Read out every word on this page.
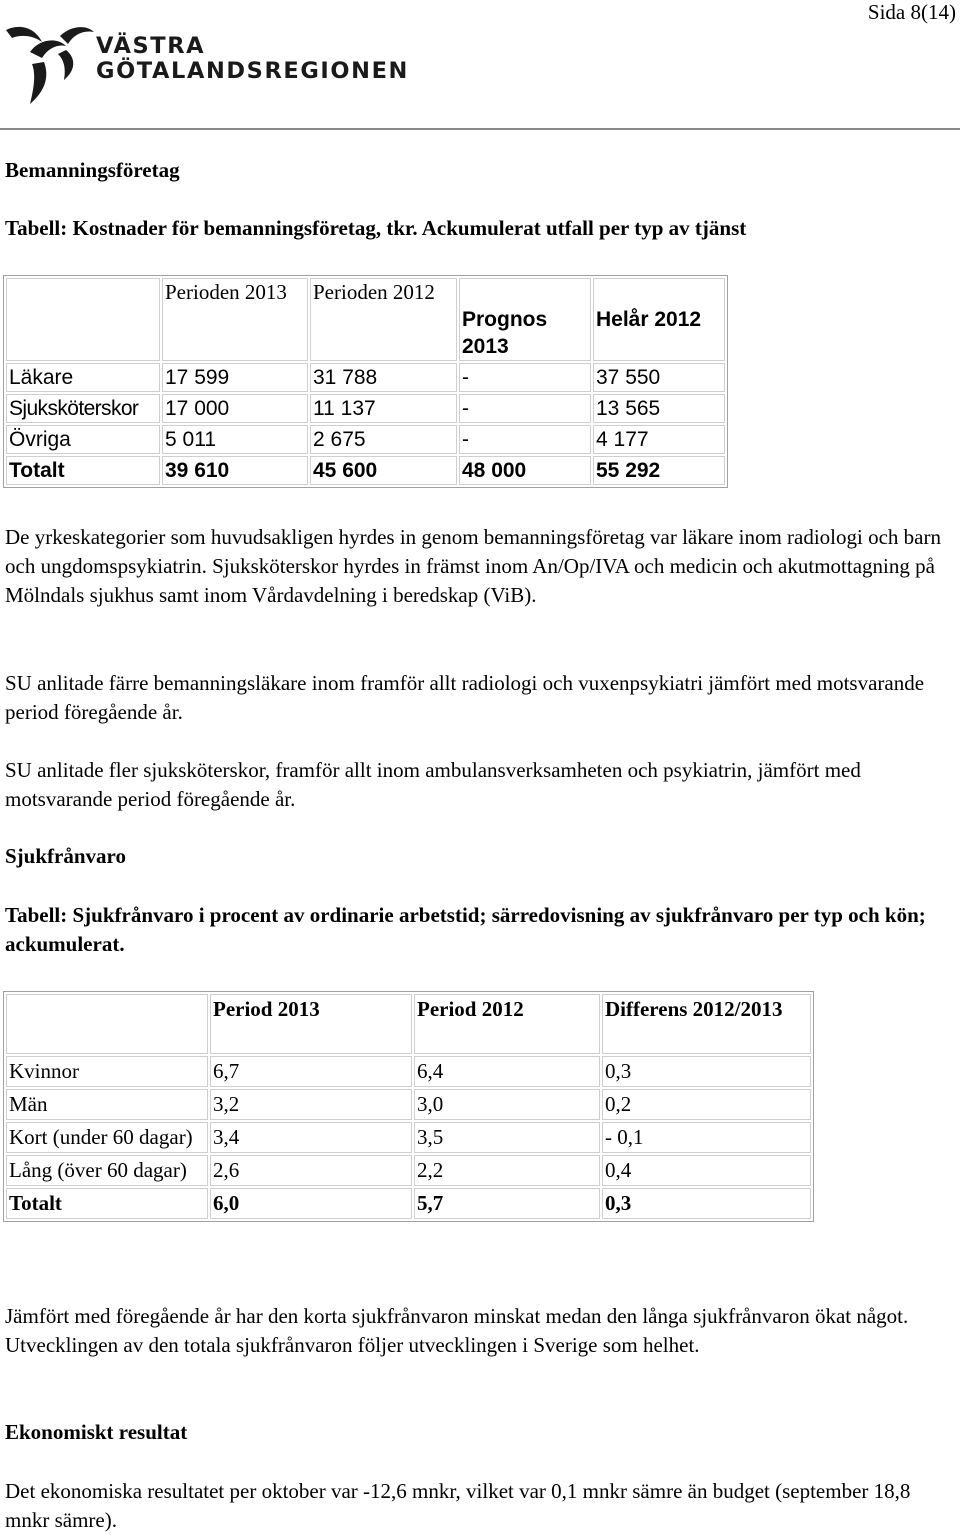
Sida 8(14)
VÄSTRA
GÖTALANDSREGIONEN
Bemanningsföretag
Tabell: Kostnader för bemanningsföretag, tkr. Ackumulerat utfall per typ av tjänst
	Perioden 2013	Perioden 2012	Prognos 2013	Helår 2012
Läkare	17 599	31 788	-	37 550
Sjuksköterskor	17 000	11 137	-	13 565
Övriga	5 011	2 675	-	4 177
Totalt	39 610	45 600	48 000	55 292
De yrkeskategorier som huvudsakligen hyrdes in genom bemanningsföretag var läkare inom radiologi och barn och ungdomspsykiatrin. Sjuksköterskor hyrdes in främst inom An/Op/IVA och medicin och akutmottagning på Mölndals sjukhus samt inom Vårdavdelning i beredskap (ViB).
SU anlitade färre bemanningsläkare inom framför allt radiologi och vuxenpsykiatri jämfört med motsvarande period föregående år.
SU anlitade fler sjuksköterskor, framför allt inom ambulansverksamheten och psykiatrin, jämfört med motsvarande period föregående år.
Sjukfrånvaro
Tabell: Sjukfrånvaro i procent av ordinarie arbetstid; särredovisning av sjukfrånvaro per typ och kön; ackumulerat.
	Period 2013	Period 2012	Differens 2012/2013
Kvinnor	6,7	6,4	0,3
Män	3,2	3,0	0,2
Kort (under 60 dagar)	3,4	3,5	- 0,1
Lång (över 60 dagar)	2,6	2,2	0,4
Totalt	6,0	5,7	0,3
Jämfört med föregående år har den korta sjukfrånvaron minskat medan den långa sjukfrånvaron ökat något. Utvecklingen av den totala sjukfrånvaron följer utvecklingen i Sverige som helhet.
Ekonomiskt resultat
Det ekonomiska resultatet per oktober var -12,6 mnkr, vilket var 0,1 mnkr sämre än budget (september 18,8 mnkr sämre).
